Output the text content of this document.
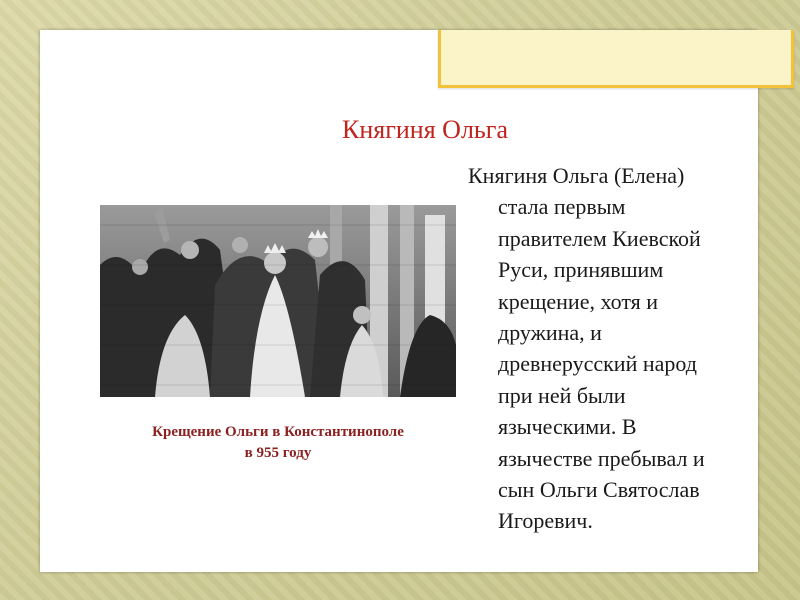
Княгиня Ольга
Крещение Ольги в Константинополе
в 955 году
Княгиня Ольга (Елена)
стала первым
правителем Киевской
Руси, принявшим
крещение, хотя и
дружина, и
древнерусский народ
при ней были
языческими. В
язычестве пребывал и
сын Ольги Святослав
Игоревич.
